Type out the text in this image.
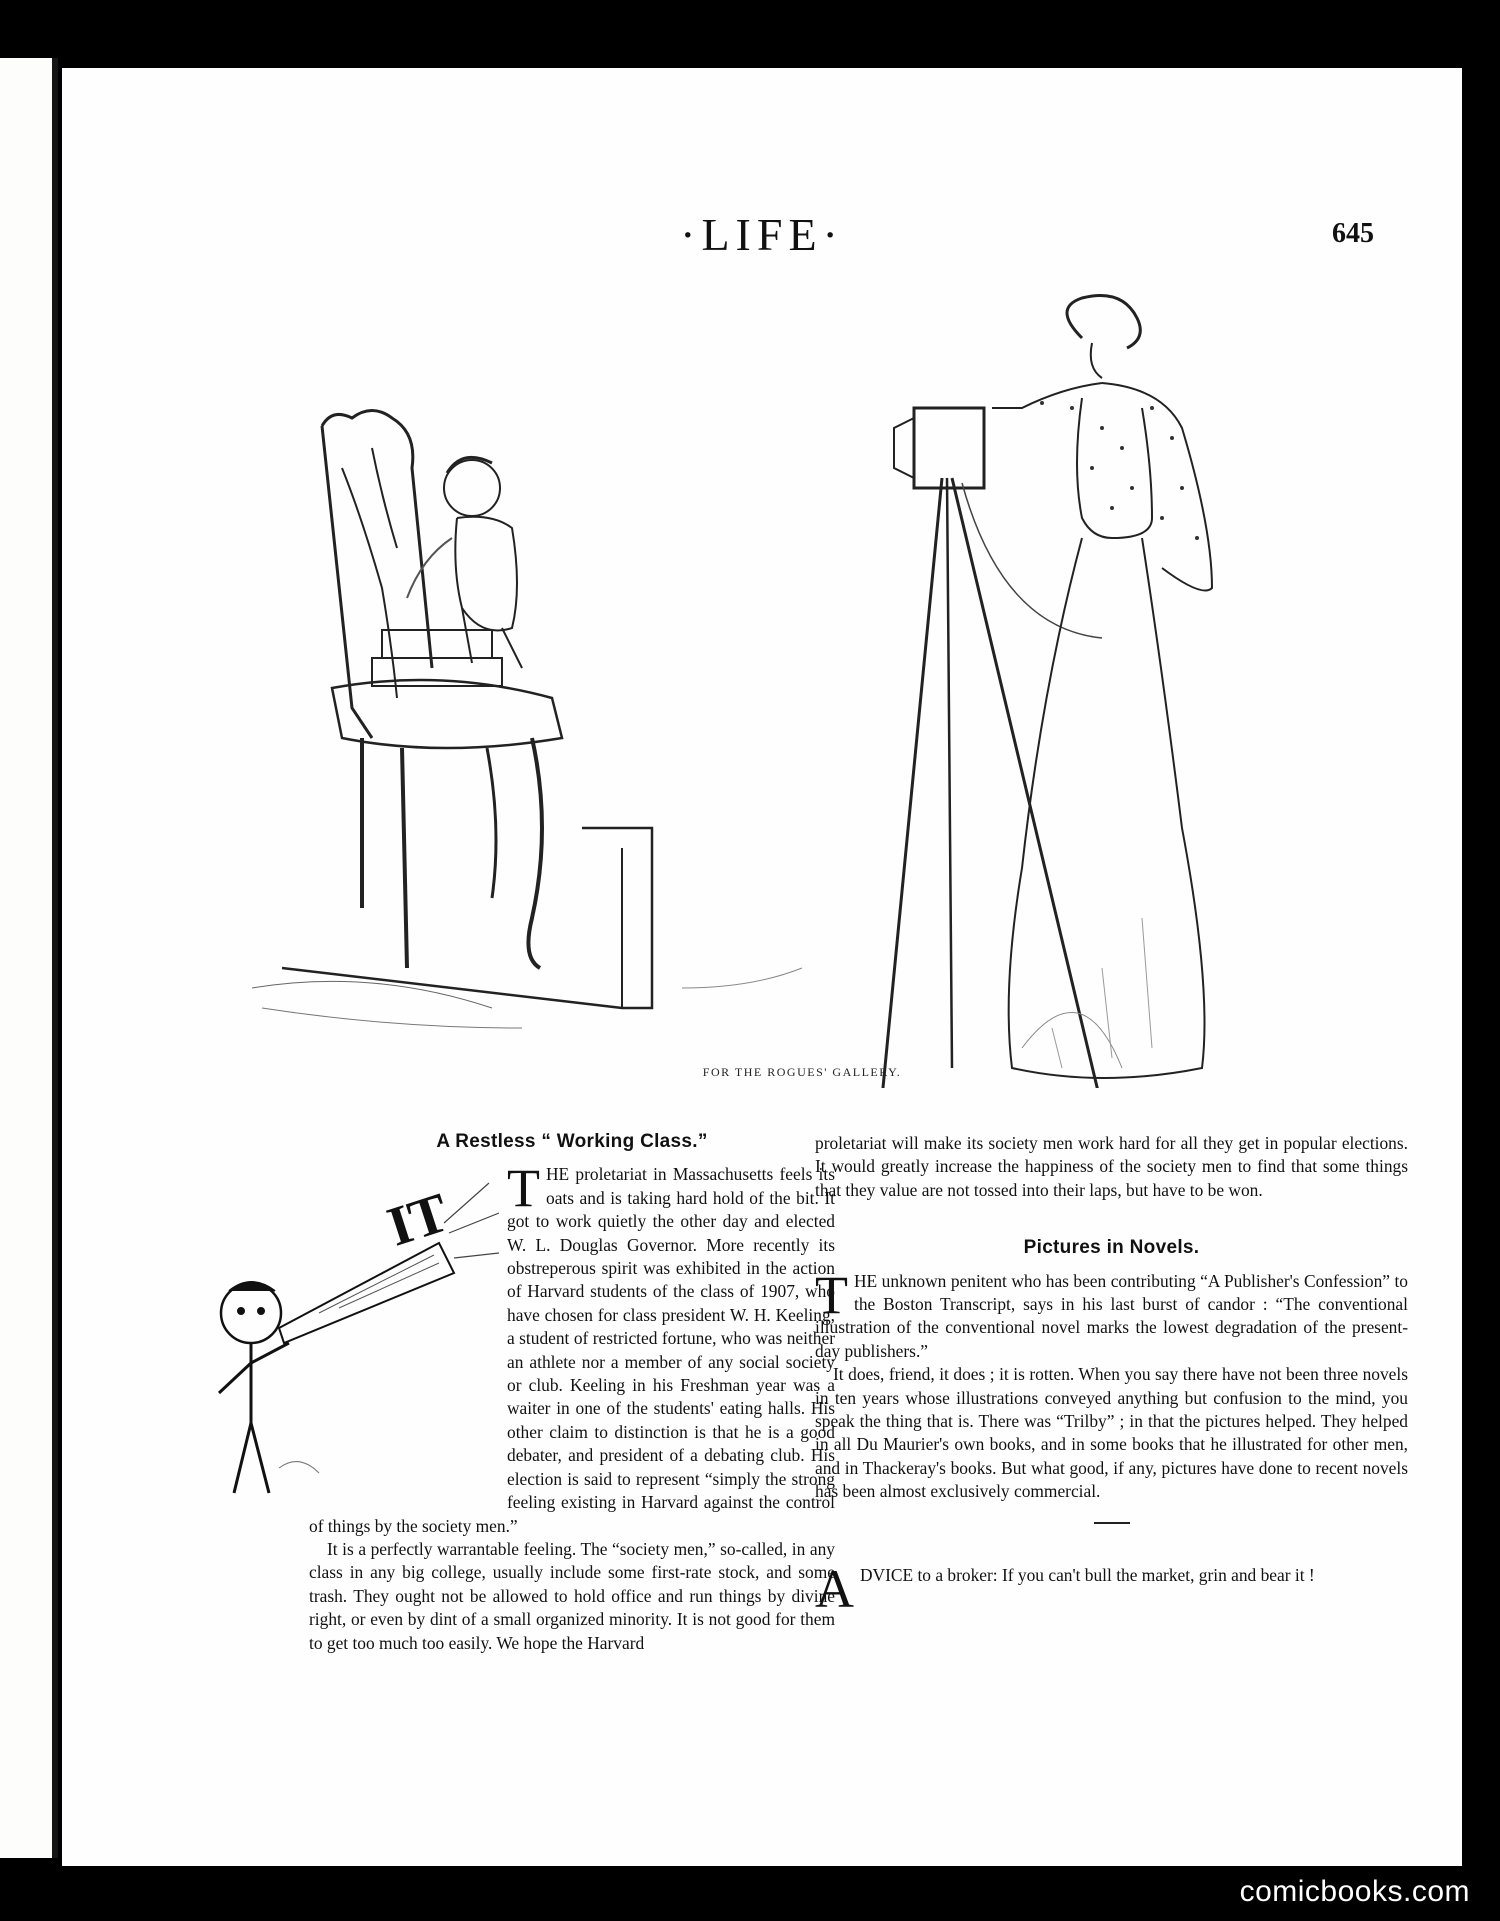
·LIFE·	645
FOR THE ROGUES' GALLERY.
A Restless “ Working Class.”
IT THE proletariat in Massachusetts feels its oats and is taking hard hold of the bit. It got to work quietly the other day and elected W. L. Douglas Governor. More recently its obstreperous spirit was exhibited in the action of Harvard students of the class of 1907, who have chosen for class president W. H. Keeling, a student of restricted fortune, who was neither an athlete nor a member of any social society or club. Keeling in his Freshman year was a waiter in one of the students' eating halls. His other claim to distinction is that he is a good debater, and president of a debating club. His election is said to represent “simply the strong feeling existing in Harvard against the control of things by the society men.”

It is a perfectly warrantable feeling. The “society men,” so-called, in any class in any big college, usually include some first-rate stock, and some trash. They ought not be allowed to hold office and run things by divine right, or even by dint of a small organized minority. It is not good for them to get too much too easily. We hope the Harvard

proletariat will make its society men work hard for all they get in popular elections. It would greatly increase the happiness of the society men to find that some things that they value are not tossed into their laps, but have to be won.

Pictures in Novels.

THE unknown penitent who has been contributing “A Publisher's Confession” to the Boston Transcript, says in his last burst of candor : “The conventional illustration of the conventional novel marks the lowest degradation of the present-day publishers.”

It does, friend, it does ; it is rotten. When you say there have not been three novels in ten years whose illustrations conveyed anything but confusion to the mind, you speak the thing that is. There was “Trilby” ; in that the pictures helped. They helped in all Du Maurier's own books, and in some books that he illustrated for other men, and in Thackeray's books. But what good, if any, pictures have done to recent novels has been almost exclusively commercial.

ADVICE to a broker: If you can't bull the market, grin and bear it !

comicbooks.com
